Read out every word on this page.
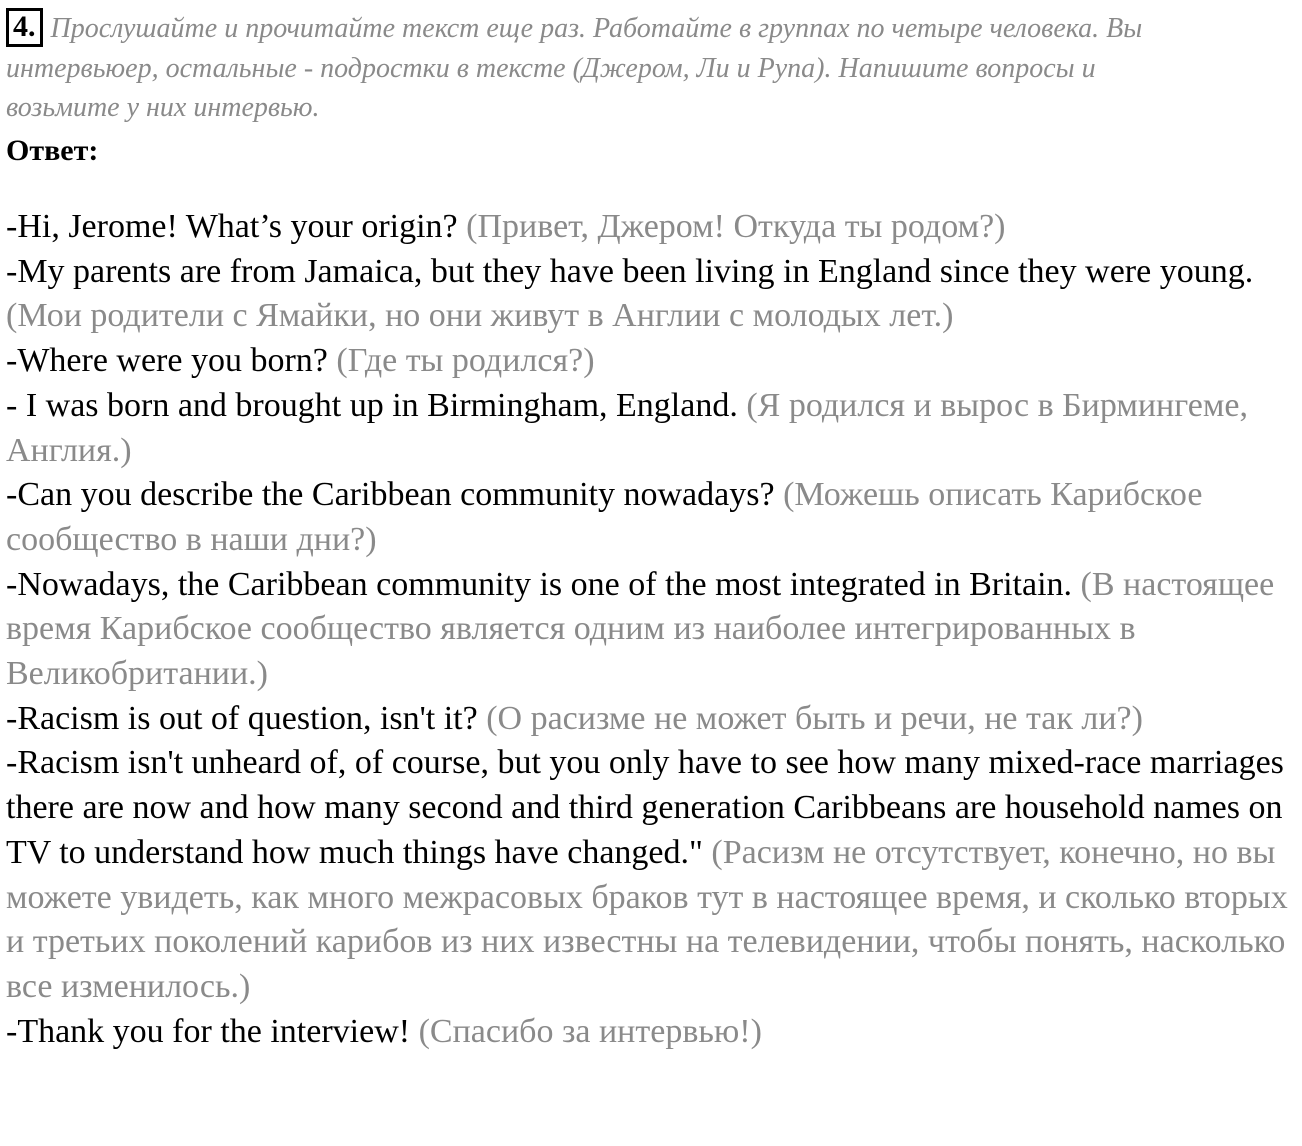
4. Прослушайте и прочитайте текст еще раз. Работайте в группах по четыре человека. Вы интервьюер, остальные - подростки в тексте (Джером, Ли и Рупа). Напишите вопросы и возьмите у них интервью.
Ответ:

-Hi, Jerome! What’s your origin? (Привет, Джером! Откуда ты родом?)

-My parents are from Jamaica, but they have been living in England since they were young. (Мои родители с Ямайки, но они живут в Англии с молодых лет.)

-Where were you born? (Где ты родился?)

- I was born and brought up in Birmingham, England. (Я родился и вырос в Бирмингеме, Англия.)

-Can you describe the Caribbean community nowadays? (Можешь описать Карибское сообщество в наши дни?)

-Nowadays, the Caribbean community is one of the most integrated in Britain. (В настоящее время Карибское сообщество является одним из наиболее интегрированных в Великобритании.)

-Racism is out of question, isn't it? (О расизме не может быть и речи, не так ли?)

-Racism isn't unheard of, of course, but you only have to see how many mixed-race marriages there are now and how many second and third generation Caribbeans are household names on TV to understand how much things have changed." (Расизм не отсутствует, конечно, но вы можете увидеть, как много межрасовых браков тут в настоящее время, и сколько вторых и третьих поколений карибов из них известны на телевидении, чтобы понять, насколько все изменилось.)

-Thank you for the interview! (Спасибо за интервью!)
